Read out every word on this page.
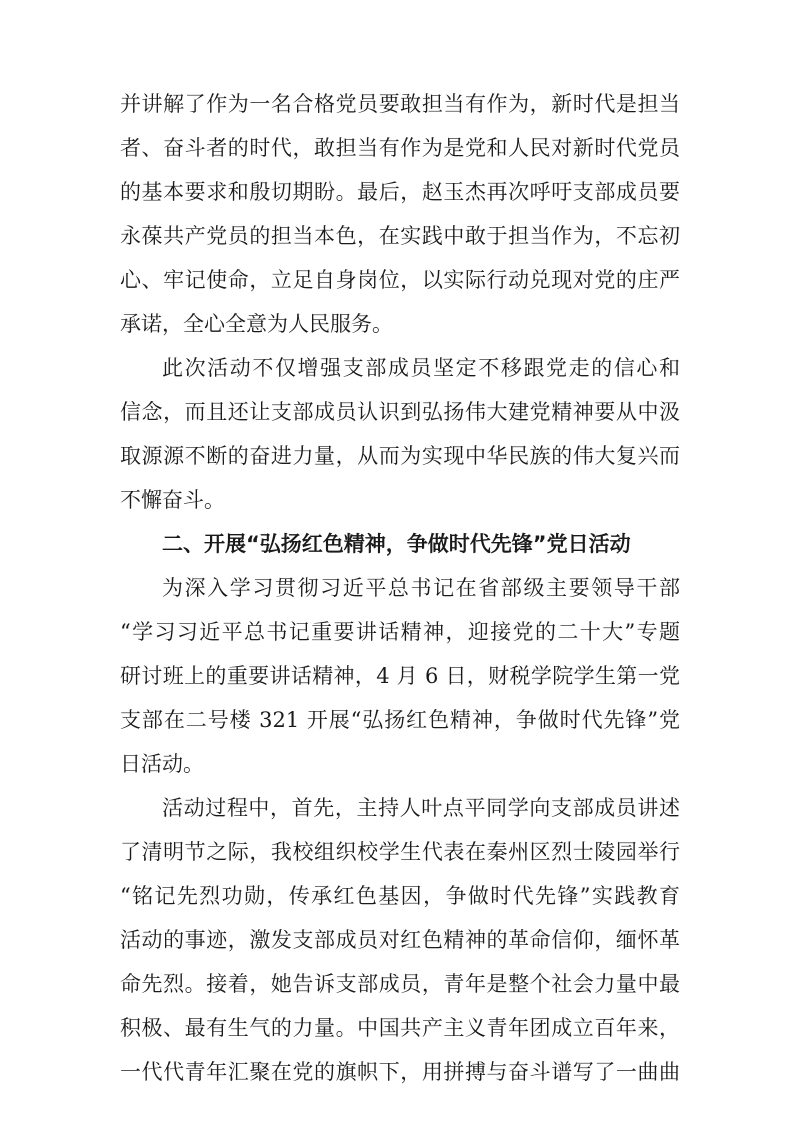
并讲解了作为一名合格党员要敢担当有作为，新时代是担当
者、奋斗者的时代，敢担当有作为是党和人民对新时代党员
的基本要求和殷切期盼。最后，赵玉杰再次呼吁支部成员要
永葆共产党员的担当本色，在实践中敢于担当作为，不忘初
心、牢记使命，立足自身岗位，以实际行动兑现对党的庄严
承诺，全心全意为人民服务。
此次活动不仅增强支部成员坚定不移跟党走的信心和
信念，而且还让支部成员认识到弘扬伟大建党精神要从中汲
取源源不断的奋进力量，从而为实现中华民族的伟大复兴而
不懈奋斗。
二、开展“弘扬红色精神，争做时代先锋”党日活动
为深入学习贯彻习近平总书记在省部级主要领导干部
“学习习近平总书记重要讲话精神，迎接党的二十大”专题
研讨班上的重要讲话精神，4 月 6 日，财税学院学生第一党
支部在二号楼 321 开展“弘扬红色精神，争做时代先锋”党
日活动。
活动过程中，首先，主持人叶点平同学向支部成员讲述
了清明节之际，我校组织校学生代表在秦州区烈士陵园举行
“铭记先烈功勋，传承红色基因，争做时代先锋”实践教育
活动的事迹，激发支部成员对红色精神的革命信仰，缅怀革
命先烈。接着，她告诉支部成员，青年是整个社会力量中最
积极、最有生气的力量。中国共产主义青年团成立百年来，
一代代青年汇聚在党的旗帜下，用拼搏与奋斗谱写了一曲曲
